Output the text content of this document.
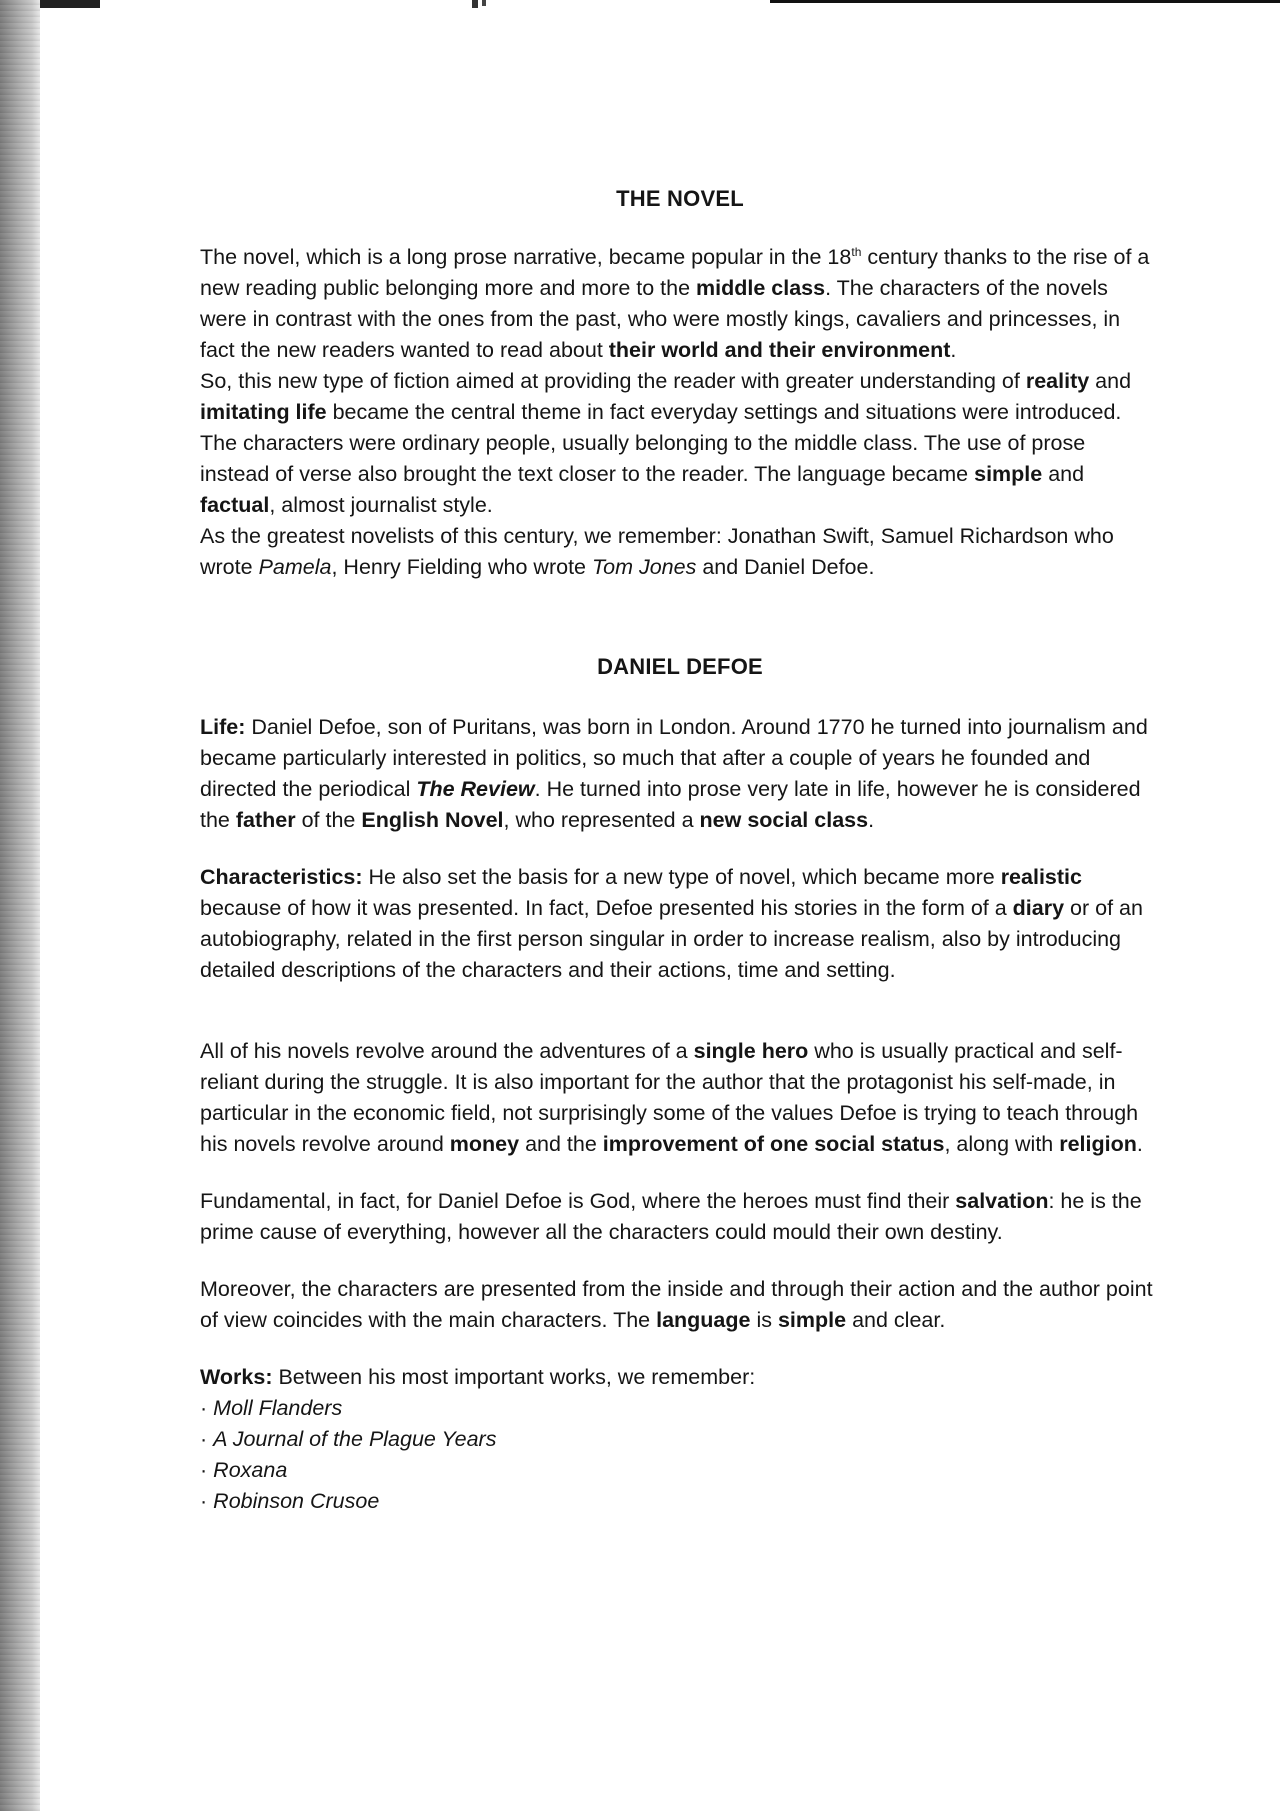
THE NOVEL

The novel, which is a long prose narrative, became popular in the 18th century thanks to the rise of a new reading public belonging more and more to the middle class. The characters of the novels were in contrast with the ones from the past, who were mostly kings, cavaliers and princesses, in fact the new readers wanted to read about their world and their environment.

So, this new type of fiction aimed at providing the reader with greater understanding of reality and imitating life became the central theme in fact everyday settings and situations were introduced. The characters were ordinary people, usually belonging to the middle class. The use of prose instead of verse also brought the text closer to the reader. The language became simple and factual, almost journalist style.

As the greatest novelists of this century, we remember: Jonathan Swift, Samuel Richardson who wrote Pamela, Henry Fielding who wrote Tom Jones and Daniel Defoe.

DANIEL DEFOE

Life: Daniel Defoe, son of Puritans, was born in London. Around 1770 he turned into journalism and became particularly interested in politics, so much that after a couple of years he founded and directed the periodical The Review. He turned into prose very late in life, however he is considered the father of the English Novel, who represented a new social class.

Characteristics: He also set the basis for a new type of novel, which became more realistic because of how it was presented. In fact, Defoe presented his stories in the form of a diary or of an autobiography, related in the first person singular in order to increase realism, also by introducing detailed descriptions of the characters and their actions, time and setting.

All of his novels revolve around the adventures of a single hero who is usually practical and self-reliant during the struggle. It is also important for the author that the protagonist his self-made, in particular in the economic field, not surprisingly some of the values Defoe is trying to teach through his novels revolve around money and the improvement of one social status, along with religion.

Fundamental, in fact, for Daniel Defoe is God, where the heroes must find their salvation: he is the prime cause of everything, however all the characters could mould their own destiny.

Moreover, the characters are presented from the inside and through their action and the author point of view coincides with the main characters. The language is simple and clear.

Works: Between his most important works, we remember:

· Moll Flanders
· A Journal of the Plague Years
· Roxana
· Robinson Crusoe
